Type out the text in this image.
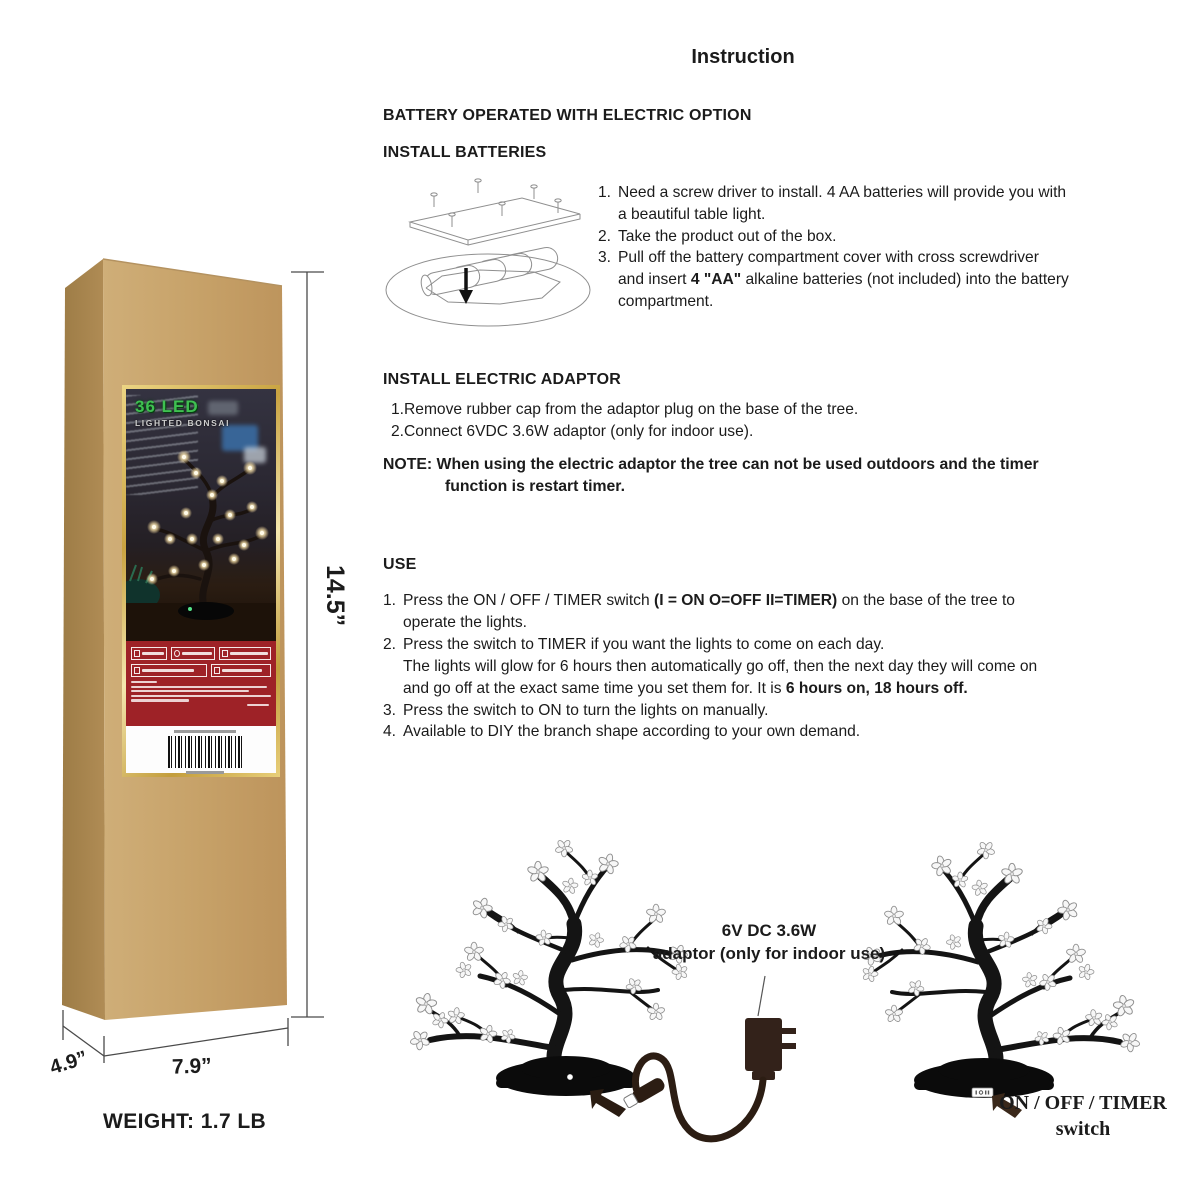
36 LED
LIGHTED BONSAI
14.5”
4.9”	7.9”
WEIGHT: 1.7 LB
Instruction
BATTERY OPERATED WITH ELECTRIC OPTION
INSTALL BATTERIES
1. Need a screw driver to install. 4 AA batteries will provide you with
a beautiful table light.
2. Take the product out of the box.
3. Pull off the battery compartment cover with cross screwdriver
and insert 4 "AA" alkaline batteries (not included) into the battery
compartment.
INSTALL ELECTRIC ADAPTOR
1.Remove rubber cap from the adaptor plug on the base of the tree.
2.Connect 6VDC 3.6W adaptor (only for indoor use).
NOTE: When using the electric adaptor the tree can not be used outdoors and the timer
function is restart timer.
USE
1. Press the ON / OFF / TIMER switch (I = ON O=OFF II=TIMER) on the base of the tree to
operate the lights.
2. Press the switch to TIMER if you want the lights to come on each day.
The lights will glow for 6 hours then automatically go off, then the next day they will come on
and go off at the exact same time you set them for. It is 6 hours on, 18 hours off.
3. Press the switch to ON to turn the lights on manually.
4. Available to DIY the branch shape according to your own demand.
6V DC 3.6W
adaptor (only for indoor use)
ON / OFF / TIMER
switch
